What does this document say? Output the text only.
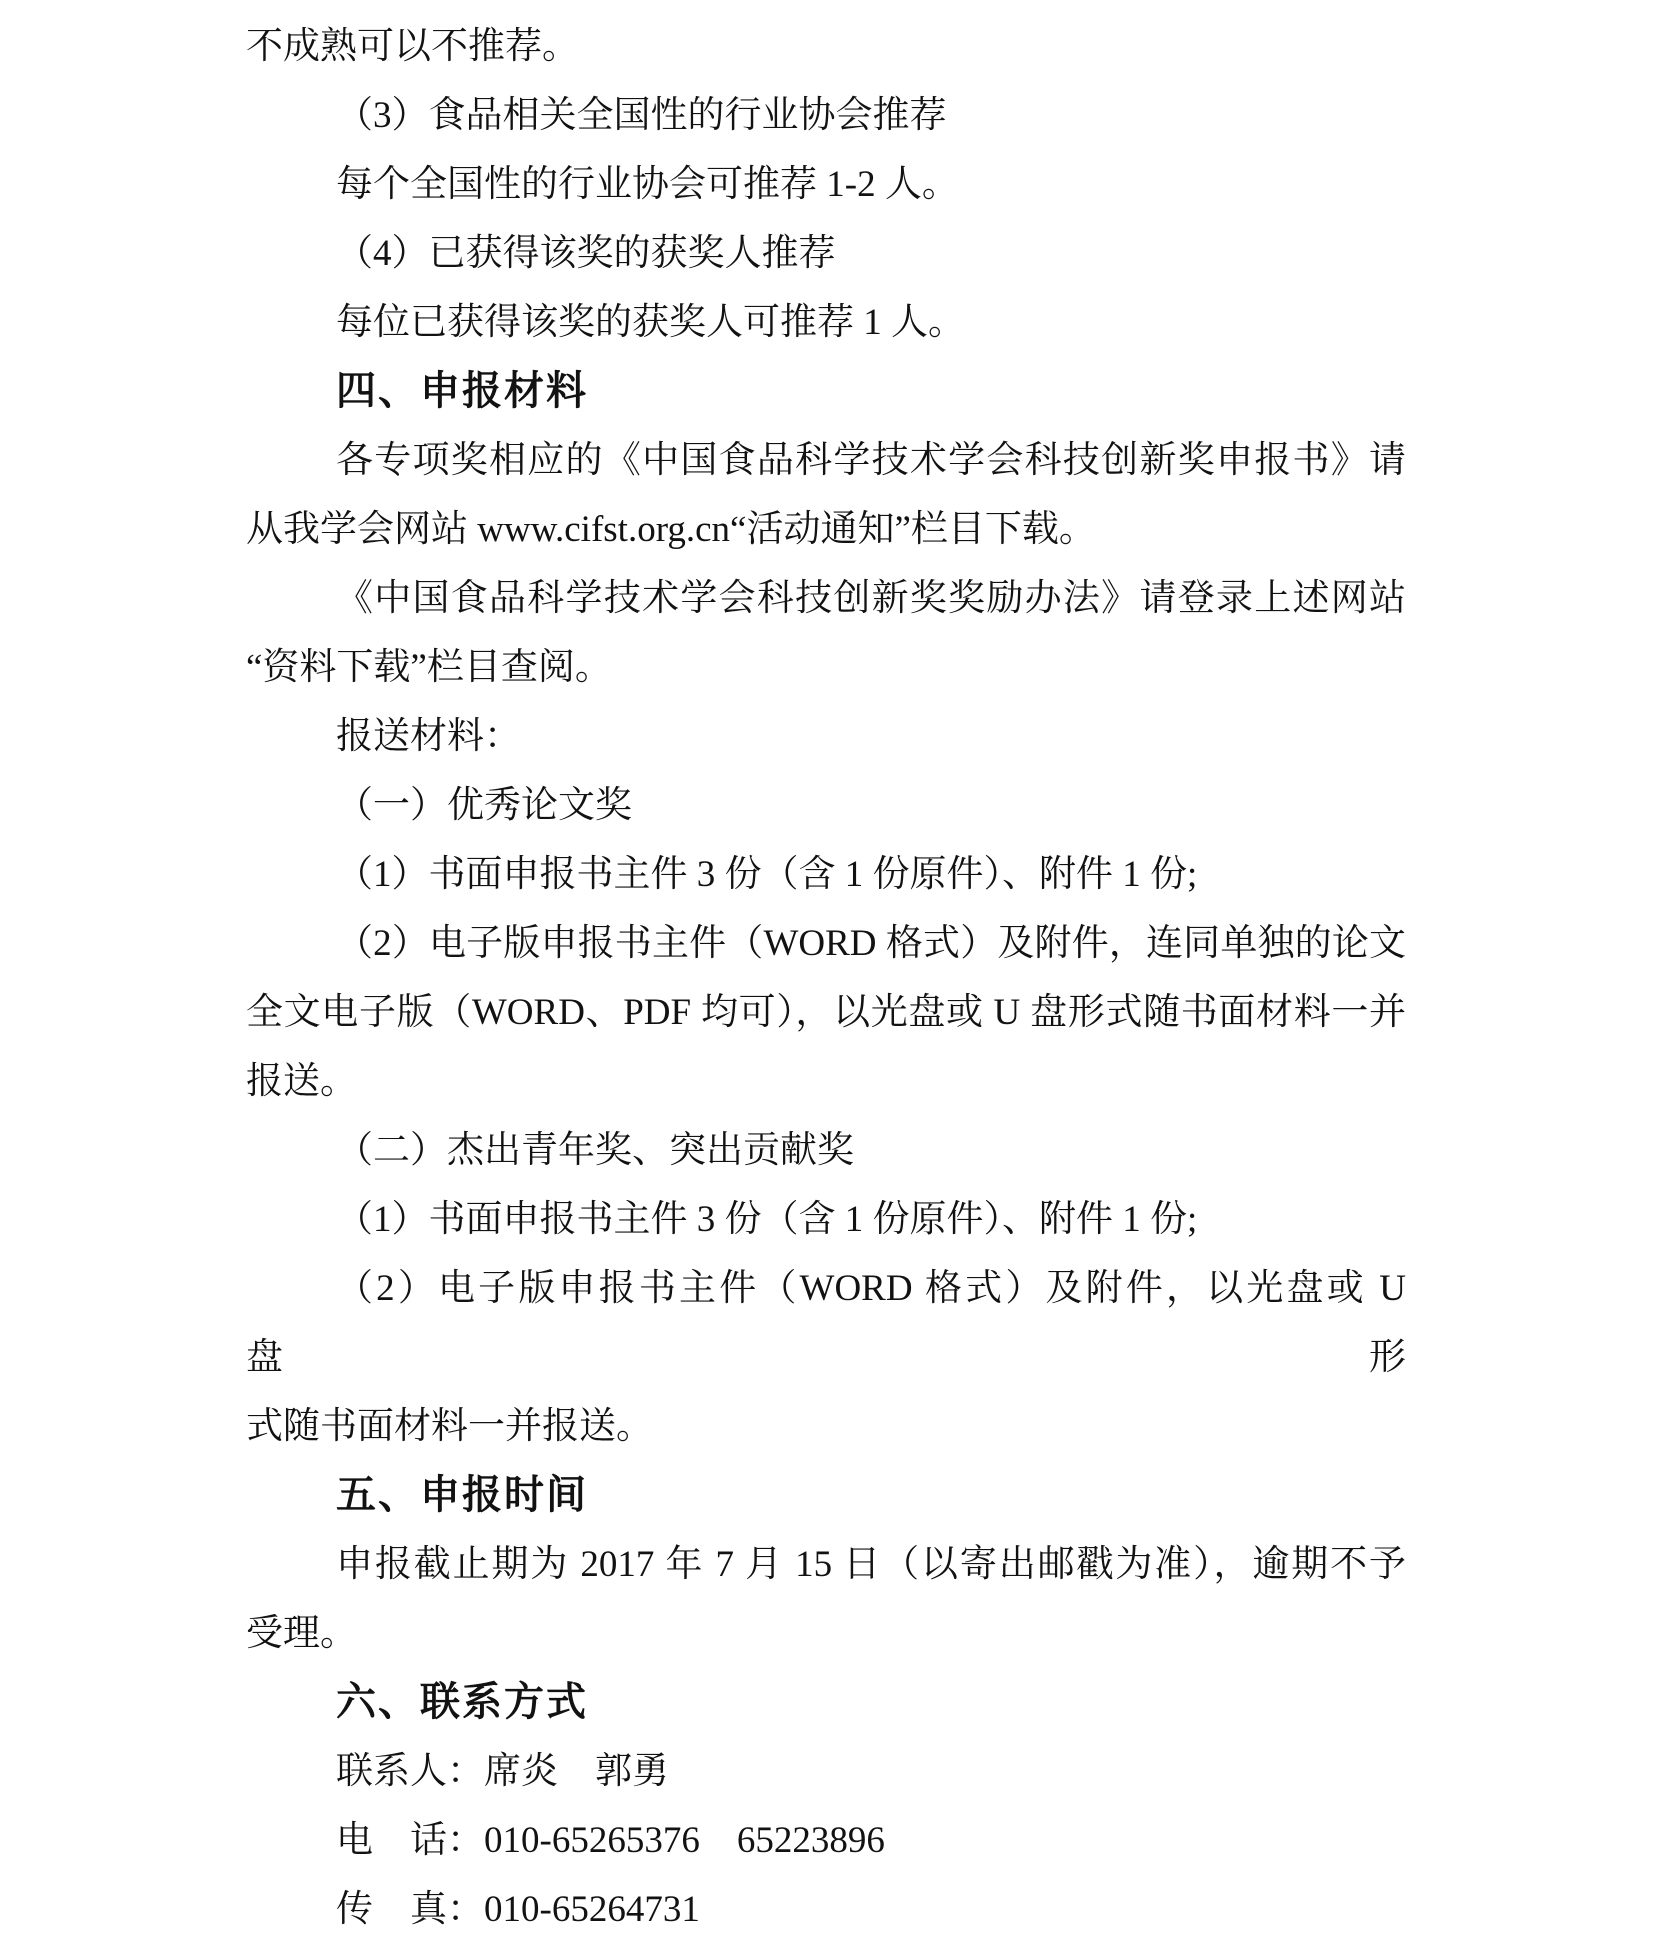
不成熟可以不推荐。

（3）食品相关全国性的行业协会推荐

每个全国性的行业协会可推荐 1-2 人。

（4）已获得该奖的获奖人推荐

每位已获得该奖的获奖人可推荐 1 人。

四、申报材料

各专项奖相应的《中国食品科学技术学会科技创新奖申报书》请

从我学会网站 www.cifst.org.cn“活动通知”栏目下载。

《中国食品科学技术学会科技创新奖奖励办法》请登录上述网站

“资料下载”栏目查阅。

报送材料：

（一）优秀论文奖

（1）书面申报书主件 3 份（含 1 份原件）、附件 1 份;

（2）电子版申报书主件（WORD 格式）及附件，连同单独的论文

全文电子版（WORD、PDF 均可），以光盘或 U 盘形式随书面材料一并

报送。

（二）杰出青年奖、突出贡献奖

（1）书面申报书主件 3 份（含 1 份原件）、附件 1 份;

（2）电子版申报书主件（WORD 格式）及附件，以光盘或 U 盘形

式随书面材料一并报送。

五、申报时间

申报截止期为 2017 年 7 月 15 日（以寄出邮戳为准），逾期不予

受理。

六、联系方式

联系人：席炎　郭勇

电　话：010-65265376　65223896

传　真：010-65264731
